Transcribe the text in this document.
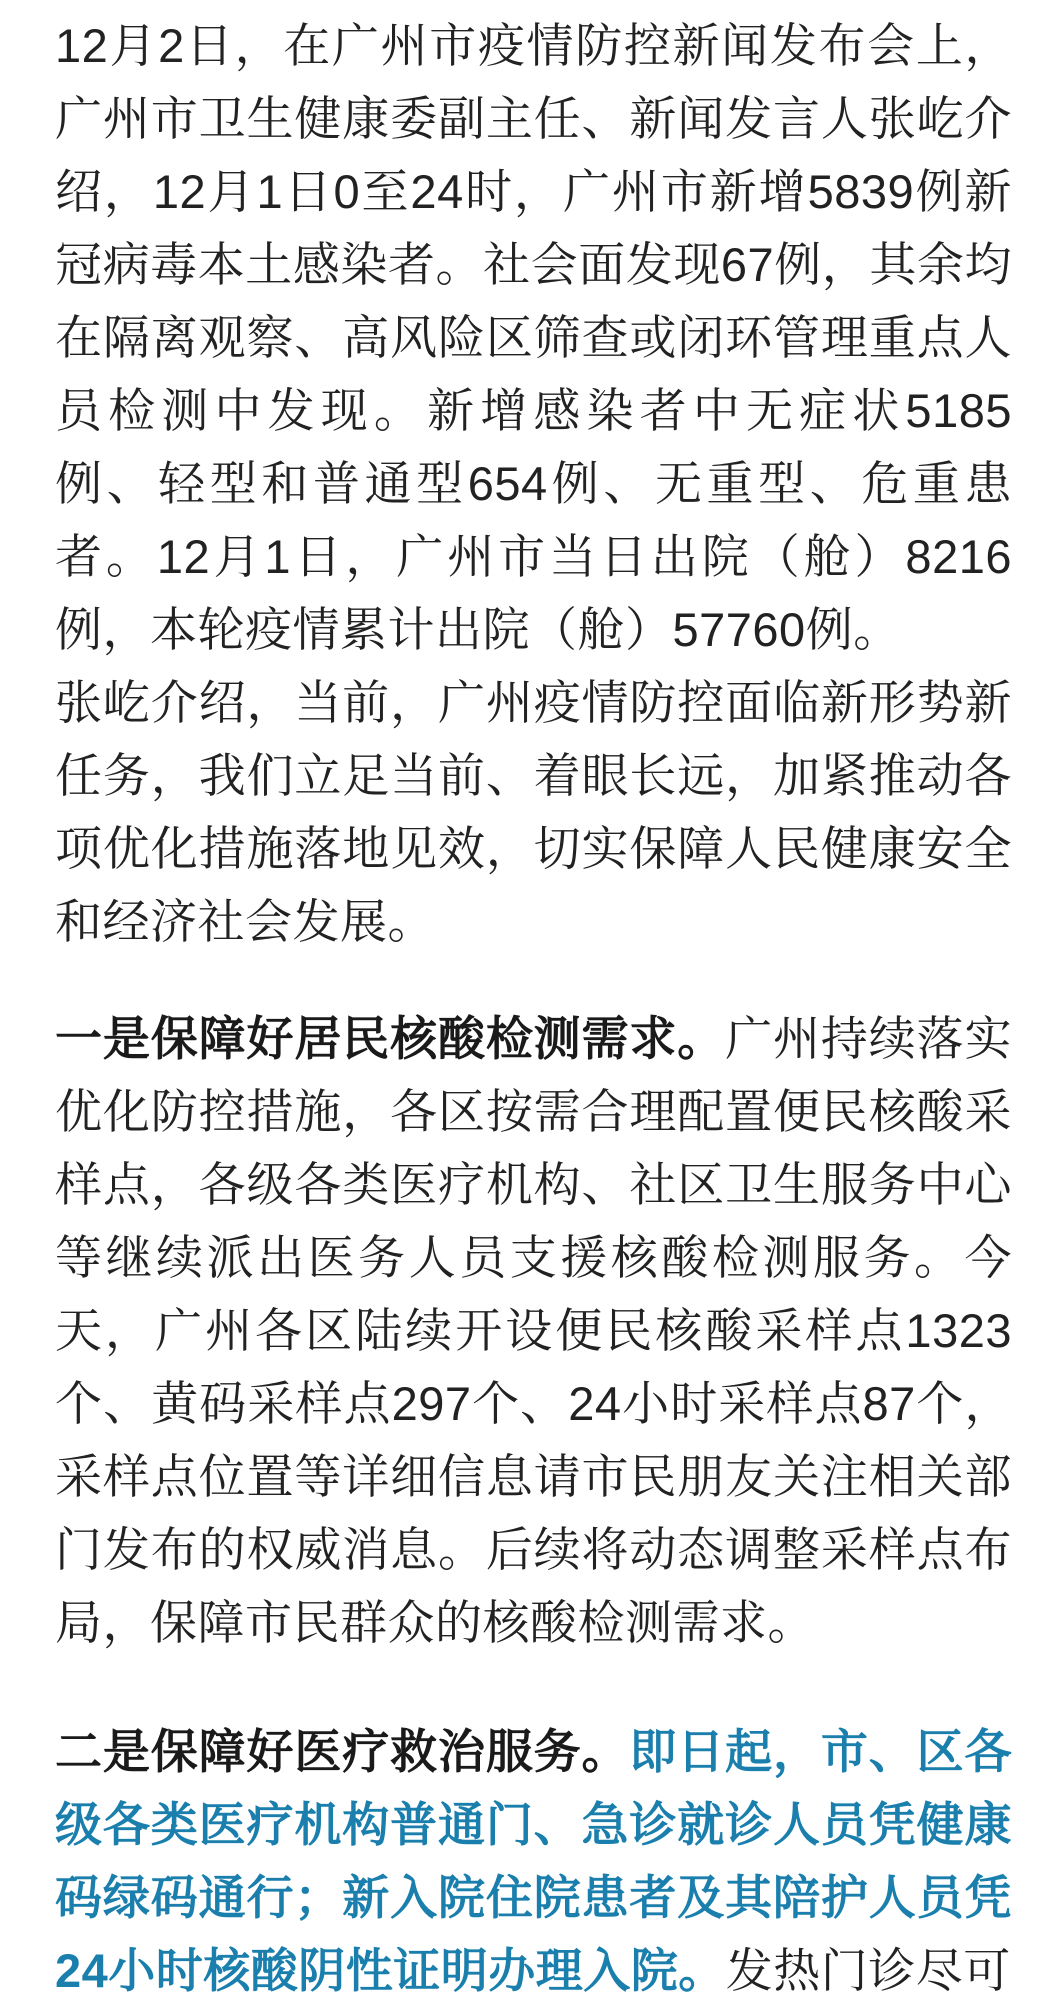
12月2日，在广州市疫情防控新闻发布会上，广州市卫生健康委副主任、新闻发言人张屹介绍，12月1日0至24时，广州市新增5839例新冠病毒本土感染者。社会面发现67例，其余均在隔离观察、高风险区筛查或闭环管理重点人员检测中发现。新增感染者中无症状5185例、轻型和普通型654例、无重型、危重患者。12月1日，广州市当日出院（舱）8216例，本轮疫情累计出院（舱）57760例。

张屹介绍，当前，广州疫情防控面临新形势新任务，我们立足当前、着眼长远，加紧推动各项优化措施落地见效，切实保障人民健康安全和经济社会发展。

一是保障好居民核酸检测需求。广州持续落实优化防控措施，各区按需合理配置便民核酸采样点，各级各类医疗机构、社区卫生服务中心等继续派出医务人员支援核酸检测服务。今天，广州各区陆续开设便民核酸采样点1323个、黄码采样点297个、24小时采样点87个，采样点位置等详细信息请市民朋友关注相关部门发布的权威消息。后续将动态调整采样点布局，保障市民群众的核酸检测需求。

二是保障好医疗救治服务。即日起，市、区各级各类医疗机构普通门、急诊就诊人员凭健康码绿码通行；新入院住院患者及其陪护人员凭24小时核酸阴性证明办理入院。发热门诊尽可
